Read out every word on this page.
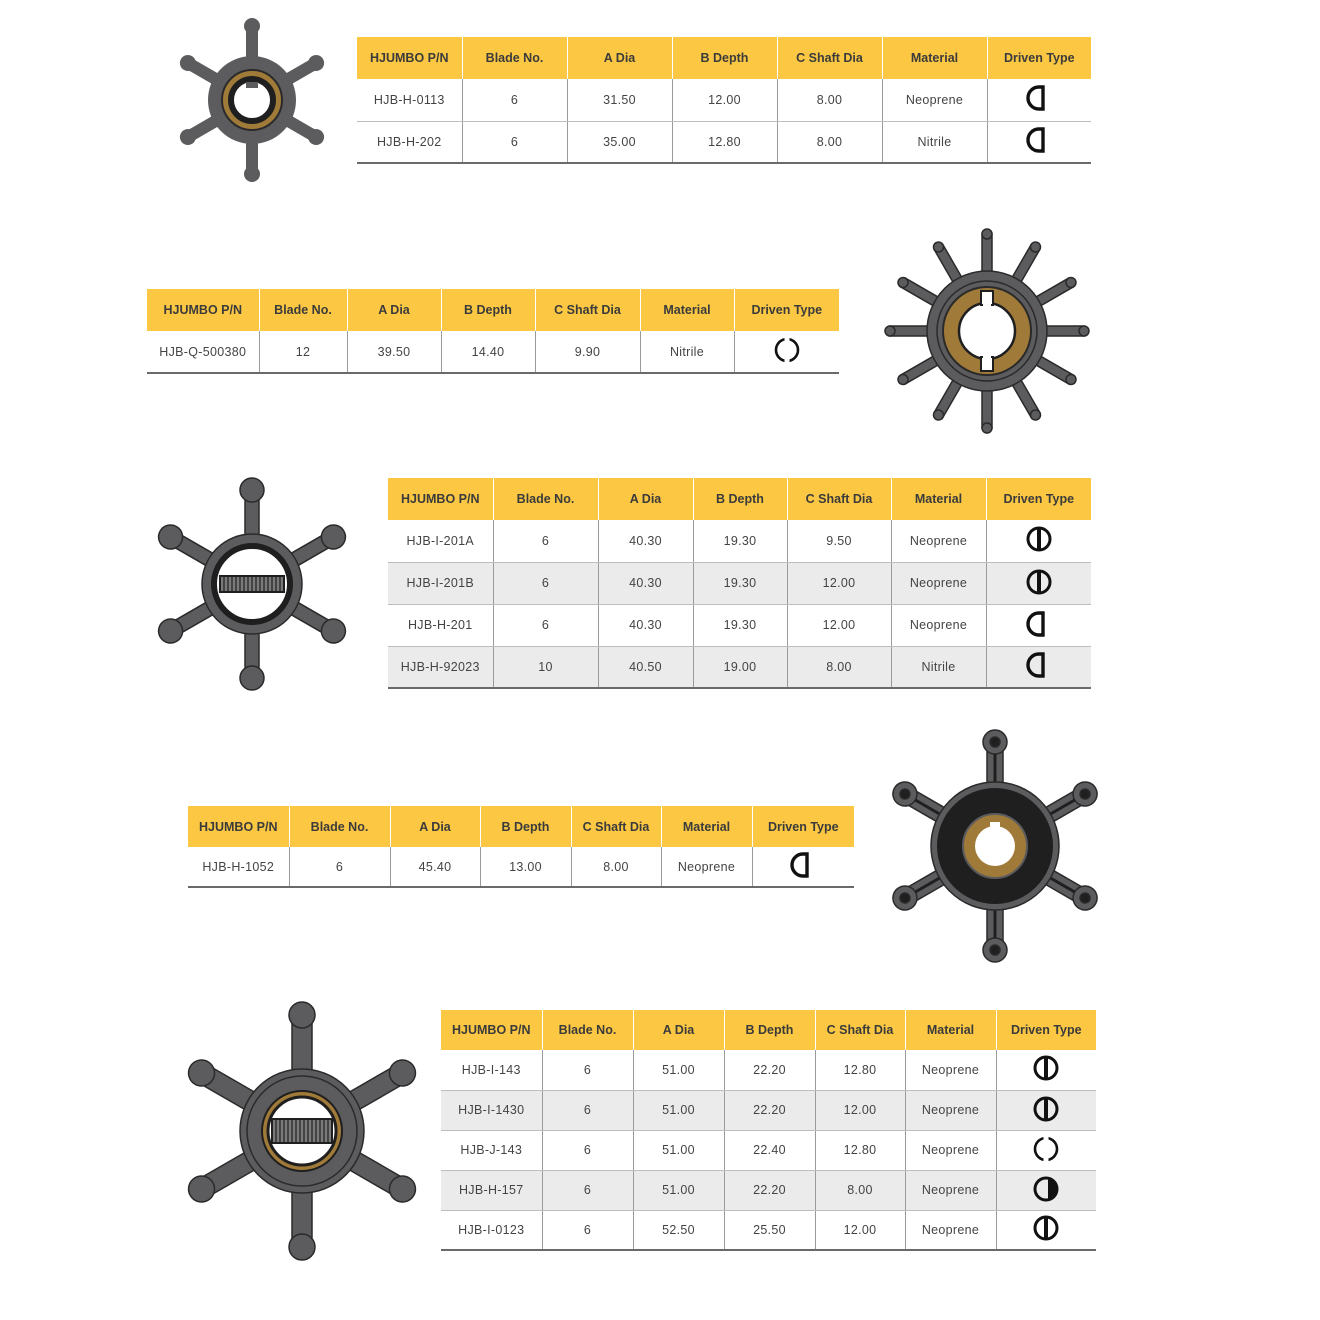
HJUMBO P/N	Blade No.	A Dia	B Depth	C Shaft Dia	Material	Driven Type
HJB-H-0113	6	31.50	12.00	8.00	Neoprene	
HJB-H-202	6	35.00	12.80	8.00	Nitrile	
HJUMBO P/N	Blade No.	A Dia	B Depth	C Shaft Dia	Material	Driven Type
HJB-Q-500380	12	39.50	14.40	9.90	Nitrile	
HJUMBO P/N	Blade No.	A Dia	B Depth	C Shaft Dia	Material	Driven Type
HJB-I-201A	6	40.30	19.30	9.50	Neoprene	
HJB-I-201B	6	40.30	19.30	12.00	Neoprene	
HJB-H-201	6	40.30	19.30	12.00	Neoprene	
HJB-H-92023	10	40.50	19.00	8.00	Nitrile	
HJUMBO P/N	Blade No.	A Dia	B Depth	C Shaft Dia	Material	Driven Type
HJB-H-1052	6	45.40	13.00	8.00	Neoprene	
HJUMBO P/N	Blade No.	A Dia	B Depth	C Shaft Dia	Material	Driven Type
HJB-I-143	6	51.00	22.20	12.80	Neoprene	
HJB-I-1430	6	51.00	22.20	12.00	Neoprene	
HJB-J-143	6	51.00	22.40	12.80	Neoprene	
HJB-H-157	6	51.00	22.20	8.00	Neoprene	
HJB-I-0123	6	52.50	25.50	12.00	Neoprene	
